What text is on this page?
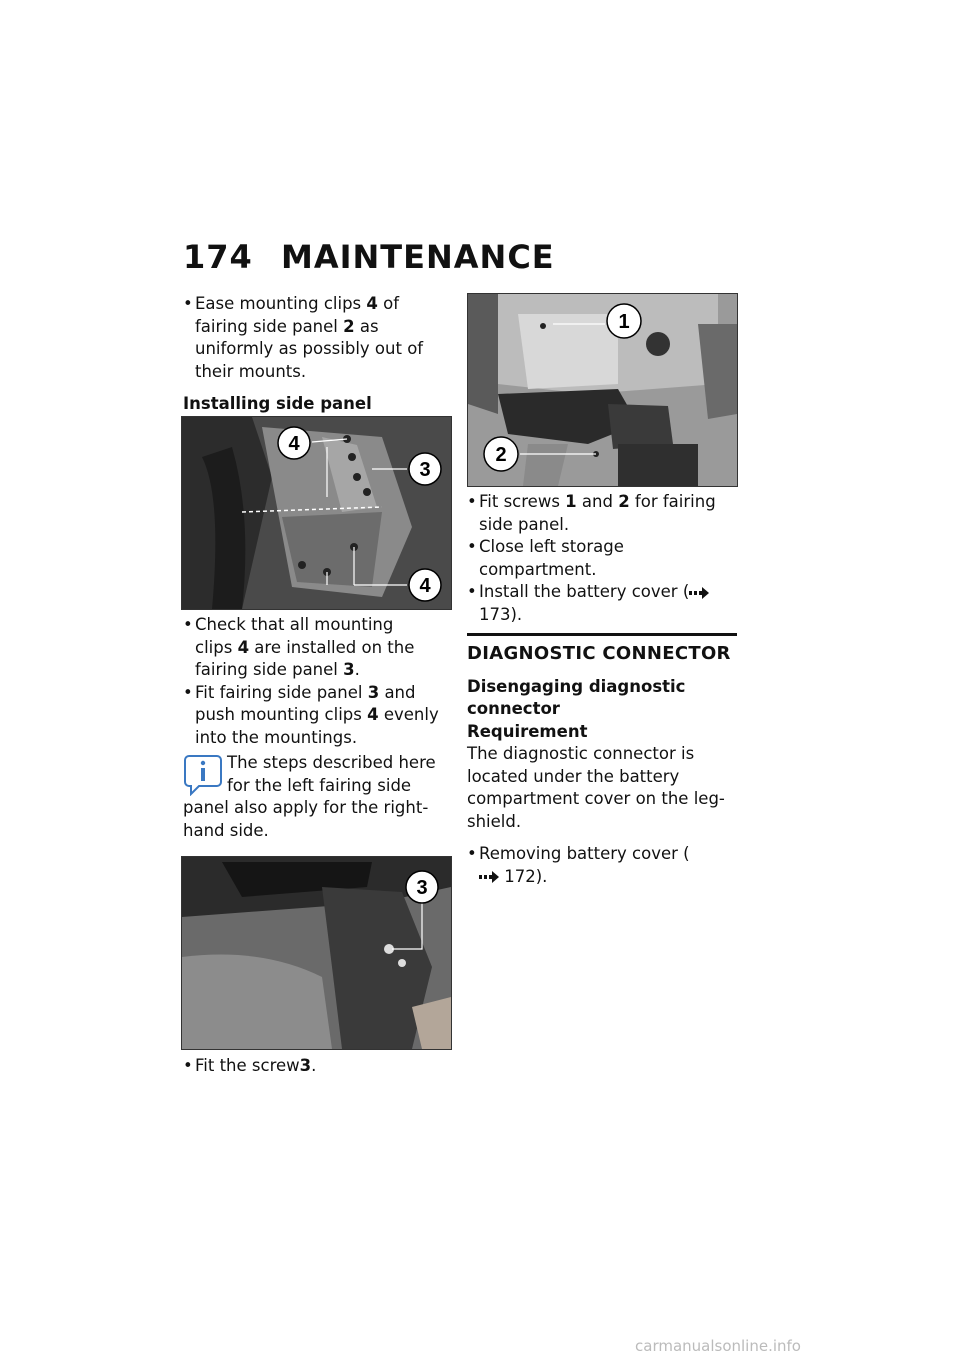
174 MAINTENANCE
• Ease mounting clips 4 of fairing side panel 2 as uniformly as possibly out of their mounts.
Installing side panel
4
3
4
• Check that all mounting clips 4 are installed on the fairing side panel 3.
• Fit fairing side panel 3 and push mounting clips 4 evenly into the mountings.
The steps described here for the left fairing side panel also apply for the right-hand side.
3
• Fit the screw3.
1
2
• Fit screws 1 and 2 for fairing side panel.
• Close left storage compartment.
• Install the battery cover ( 173).
DIAGNOSTIC CONNECTOR
Disengaging diagnostic connector
Requirement
The diagnostic connector is located under the battery compartment cover on the leg-shield.
• Removing battery cover ( 172).
carmanualsonline.info
